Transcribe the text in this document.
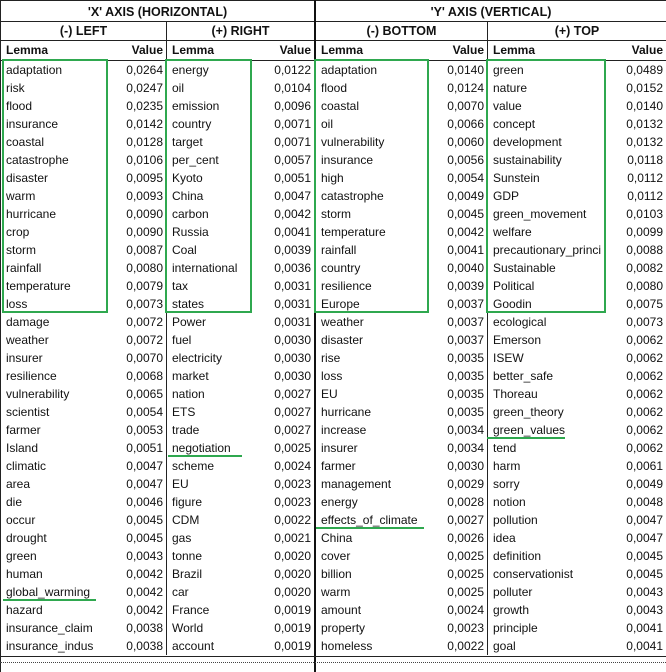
'X' AXIS (HORIZONTAL)
(-) LEFT	(+) RIGHT
Lemma	Value Lemma	Value
adaptation	0,0264 energy	0,0122
risk	0,0247 oil	0,0104
flood	0,0235 emission	0,0096
insurance	0,0142 country	0,0071
coastal	0,0128 target	0,0071
catastrophe	0,0106 per_cent	0,0057
disaster	0,0095 Kyoto	0,0051
warm	0,0093 China	0,0047
hurricane	0,0090 carbon	0,0042
crop	0,0090 Russia	0,0041
storm	0,0087 Coal	0,0039
rainfall	0,0080 international	0,0036
temperature	0,0079 tax	0,0031
loss	0,0073 states	0,0031
damage	0,0072 Power	0,0031
weather	0,0072 fuel	0,0030
insurer	0,0070 electricity	0,0030
resilience	0,0068 market	0,0030
vulnerability	0,0065 nation	0,0027
scientist	0,0054 ETS	0,0027
farmer	0,0053 trade	0,0027
Island	0,0051 negotiation	0,0025
climatic	0,0047 scheme	0,0024
area	0,0047 EU	0,0023
die	0,0046 figure	0,0023
occur	0,0045 CDM	0,0022
drought	0,0045 gas	0,0021
green	0,0043 tonne	0,0020
human	0,0042 Brazil	0,0020
global_warming	0,0042 car	0,0020
hazard	0,0042 France	0,0019
insurance_claim	0,0038 World	0,0019
insurance_indus	0,0038 account	0,0019
'Y' AXIS (VERTICAL)
(-) BOTTOM	(+) TOP
Lemma	Value Lemma	Value
adaptation	0,0140 green	0,0489
flood	0,0124 nature	0,0152
coastal	0,0070 value	0,0140
oil	0,0066 concept	0,0132
vulnerability	0,0060 development	0,0132
insurance	0,0056 sustainability	0,0118
high	0,0054 Sunstein	0,0112
catastrophe	0,0049 GDP	0,0112
storm	0,0045 green_movement	0,0103
temperature	0,0042 welfare	0,0099
rainfall	0,0041 precautionary_princi	0,0088
country	0,0040 Sustainable	0,0082
resilience	0,0039 Political	0,0080
Europe	0,0037 Goodin	0,0075
weather	0,0037 ecological	0,0073
disaster	0,0037 Emerson	0,0062
rise	0,0035 ISEW	0,0062
loss	0,0035 better_safe	0,0062
EU	0,0035 Thoreau	0,0062
hurricane	0,0035 green_theory	0,0062
increase	0,0034 green_values	0,0062
insurer	0,0034 tend	0,0062
farmer	0,0030 harm	0,0061
management	0,0029 sorry	0,0049
energy	0,0028 notion	0,0048
effects_of_climate	0,0027 pollution	0,0047
China	0,0026 idea	0,0047
cover	0,0025 definition	0,0045
billion	0,0025 conservationist	0,0045
warm	0,0025 polluter	0,0043
amount	0,0024 growth	0,0043
property	0,0023 principle	0,0041
homeless	0,0022 goal	0,0041
